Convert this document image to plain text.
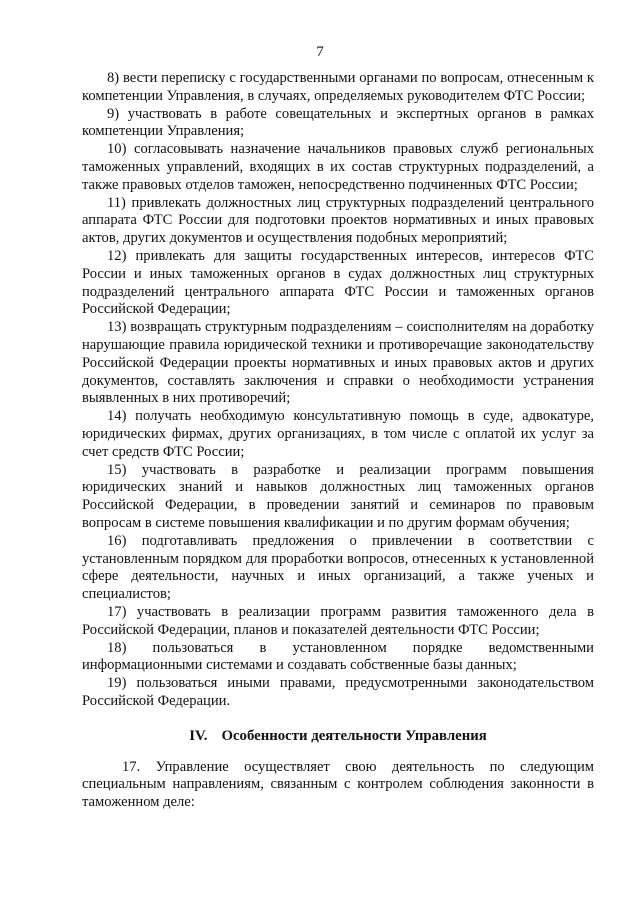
7

8) вести переписку с государственными органами по вопросам, отнесенным к компетенции Управления, в случаях, определяемых руководителем ФТС России;

9) участвовать в работе совещательных и экспертных органов в рамках компетенции Управления;

10) согласовывать назначение начальников правовых служб региональных таможенных управлений, входящих в их состав структурных подразделений, а также правовых отделов таможен, непосредственно подчиненных ФТС России;

11) привлекать должностных лиц структурных подразделений центрального аппарата ФТС России для подготовки проектов нормативных и иных правовых актов, других документов и осуществления подобных мероприятий;

12) привлекать для защиты государственных интересов, интересов ФТС России и иных таможенных органов в судах должностных лиц структурных подразделений центрального аппарата ФТС России и таможенных органов Российской Федерации;

13) возвращать структурным подразделениям – соисполнителям на доработку нарушающие правила юридической техники и противоречащие законодательству Российской Федерации проекты нормативных и иных правовых актов и других документов, составлять заключения и справки о необходимости устранения выявленных в них противоречий;

14) получать необходимую консультативную помощь в суде, адвокатуре, юридических фирмах, других организациях, в том числе с оплатой их услуг за счет средств ФТС России;

15) участвовать в разработке и реализации программ повышения юридических знаний и навыков должностных лиц таможенных органов Российской Федерации, в проведении занятий и семинаров по правовым вопросам в системе повышения квалификации и по другим формам обучения;

16) подготавливать предложения о привлечении в соответствии с установленным порядком для проработки вопросов, отнесенных к установленной сфере деятельности, научных и иных организаций, а также ученых и специалистов;

17) участвовать в реализации программ развития таможенного дела в Российской Федерации, планов и показателей деятельности ФТС России;

18) пользоваться в установленном порядке ведомственными информационными системами и создавать собственные базы данных;

19) пользоваться иными правами, предусмотренными законодательством Российской Федерации.

IV. Особенности деятельности Управления

17. Управление осуществляет свою деятельность по следующим специальным направлениям, связанным с контролем соблюдения законности в таможенном деле:
